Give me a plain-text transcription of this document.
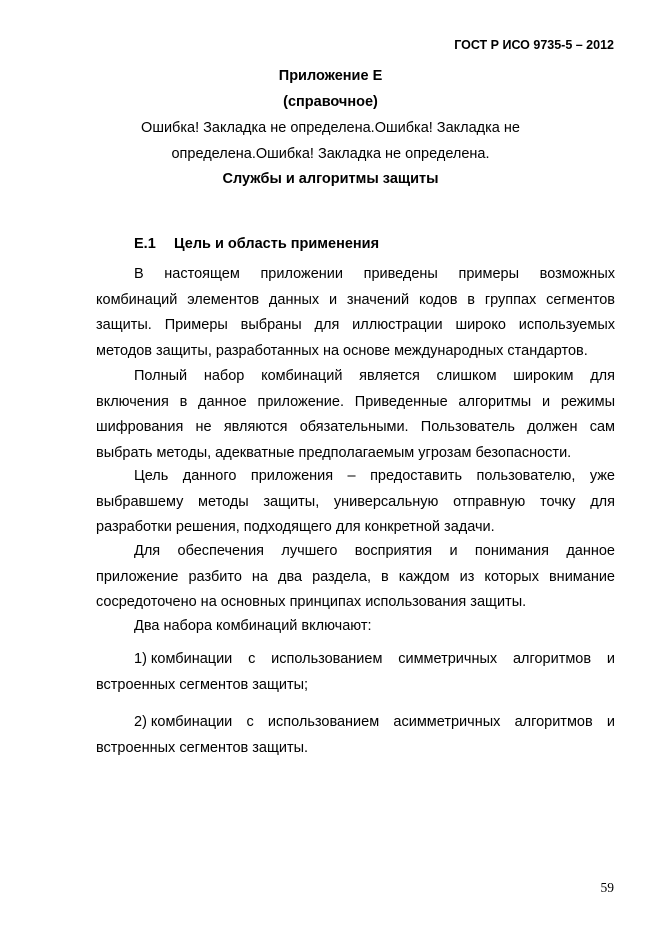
ГОСТ Р ИСО 9735-5 – 2012
Приложение Е
(справочное)
Ошибка! Закладка не определена.Ошибка! Закладка не
определена.Ошибка! Закладка не определена.
Службы и алгоритмы защиты
Е.1 Цель и область применения

В настоящем приложении приведены примеры возможных комбинаций элементов данных и значений кодов в группах сегментов защиты. Примеры выбраны для иллюстрации широко используемых методов защиты, разработанных на основе международных стандартов.

Полный набор комбинаций является слишком широким для включения в данное приложение. Приведенные алгоритмы и режимы шифрования не являются обязательными. Пользователь должен сам выбрать методы, адекватные предполагаемым угрозам безопасности.

Цель данного приложения – предоставить пользователю, уже выбравшему методы защиты, универсальную отправную точку для разработки решения, подходящего для конкретной задачи.

Для обеспечения лучшего восприятия и понимания данное приложение разбито на два раздела, в каждом из которых внимание сосредоточено на основных принципах использования защиты.

Два набора комбинаций включают:

1) комбинации с использованием симметричных алгоритмов и встроенных сегментов защиты;
2) комбинации с использованием асимметричных алгоритмов и встроенных сегментов защиты.
59
